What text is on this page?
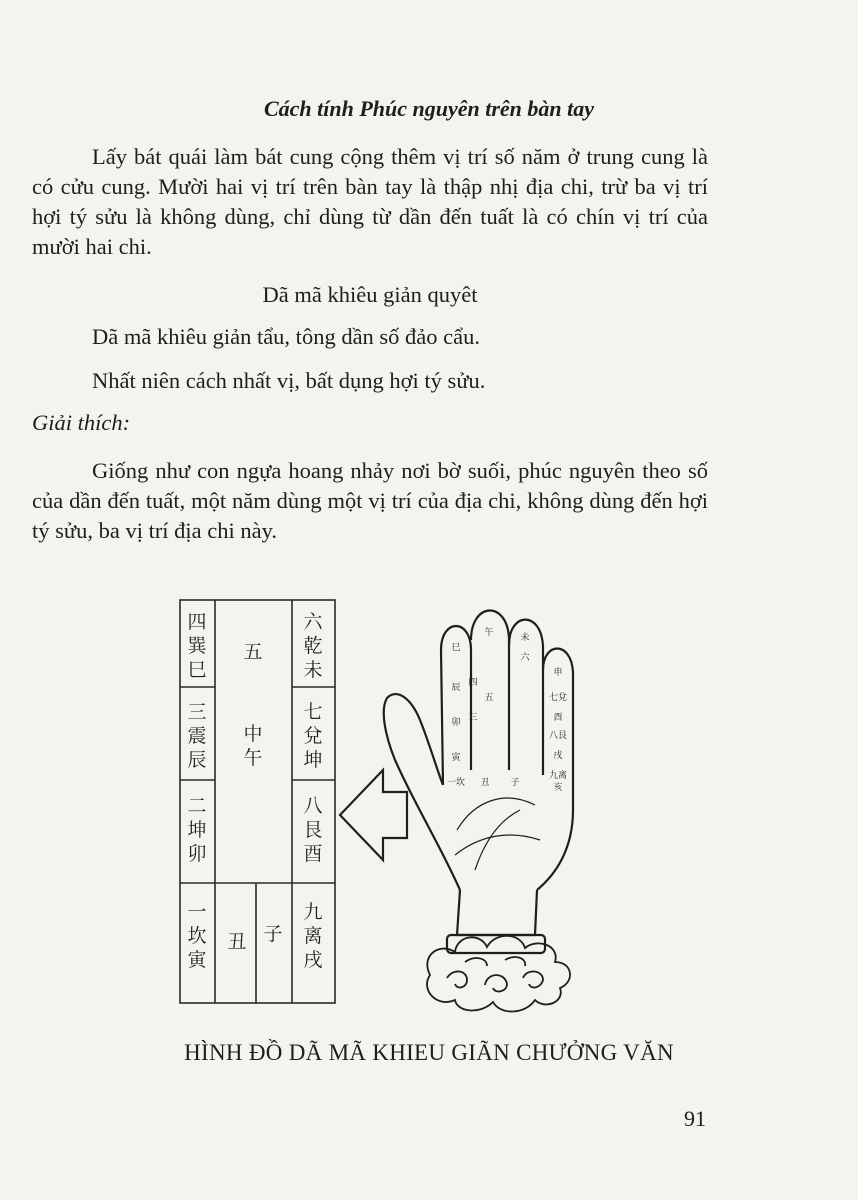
Cách tính Phúc nguyên trên bàn tay

Lấy bát quái làm bát cung cộng thêm vị trí số năm ở trung cung là có cửu cung. Mười hai vị trí trên bàn tay là thập nhị địa chi, trừ ba vị trí hợi tý sửu là không dùng, chỉ dùng từ dần đến tuất là có chín vị trí của mười hai chi.

Dã mã khiêu giản quyêt

Dã mã khiêu giản tẩu, tông dần số đảo cẩu.

Nhất niên cách nhất vị, bất dụng hợi tý sửu.

Giải thích:

Giống như con ngựa hoang nhảy nơi bờ suối, phúc nguyên theo số của dần đến tuất, một năm dùng một vị trí của địa chi, không dùng đến hợi tý sửu, ba vị trí địa chi này.

四巽巳
五
六乾未
三震辰
中午
七兌坤
二坤卯
八艮酉
一坎寅
丑 子
九离戌
巳
午	未
申
六
七兌
辰
酉
四
卯
八艮
三
戌
寅
一坎 丑 子
九离
亥
五
HÌNH ĐỒ DÃ MÃ KHIEU GIÃN CHƯỞNG VĂN
91
